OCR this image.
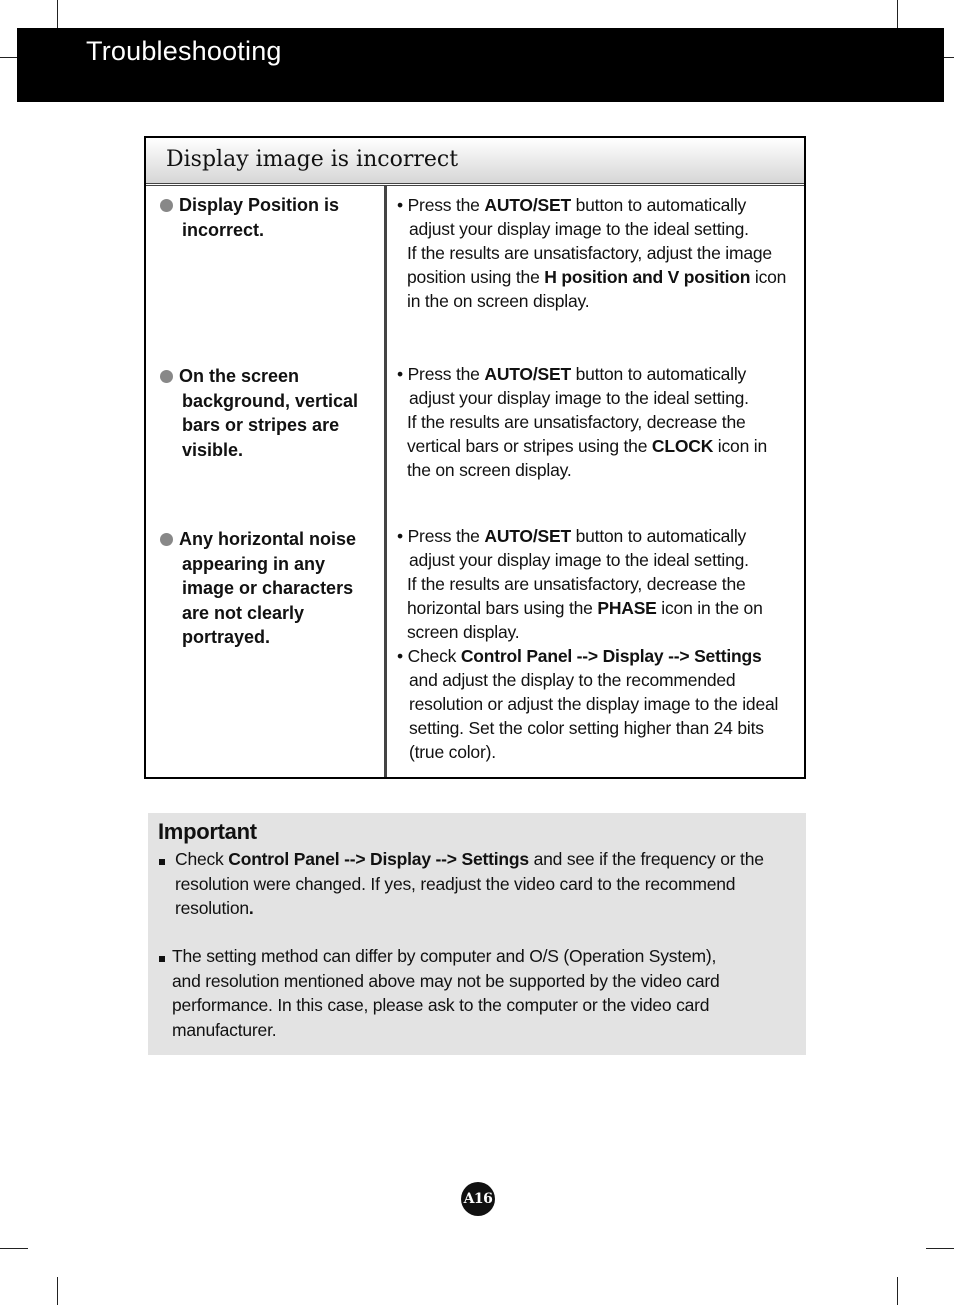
Troubleshooting
Display image is incorrect
Display Position is
incorrect.

• Press the AUTO/SET button to automatically

adjust your display image to the ideal setting.

If the results are unsatisfactory, adjust the image

position using the H position and V position icon

in the on screen display.

On the screen
background, vertical
bars or stripes are
visible.

• Press the AUTO/SET button to automatically

adjust your display image to the ideal setting.

If the results are unsatisfactory, decrease the

vertical bars or stripes using the CLOCK icon in

the on screen display.

Any horizontal noise
appearing in any
image or characters
are not clearly
portrayed.

• Press the AUTO/SET button to automatically

adjust your display image to the ideal setting.

If the results are unsatisfactory, decrease the

horizontal bars using the PHASE icon in the on

screen display.

• Check Control Panel --> Display --> Settings

and adjust the display to the recommended

resolution or adjust the display image to the ideal

setting. Set the color setting higher than 24 bits

(true color).

Important
Check Control Panel --> Display --> Settings and see if the frequency or the
resolution were changed. If yes, readjust the video card to the recommend
resolution.
The setting method can differ by computer and O/S (Operation System),
and resolution mentioned above may not be supported by the video card
performance. In this case, please ask to the computer or the video card
manufacturer.
A16
